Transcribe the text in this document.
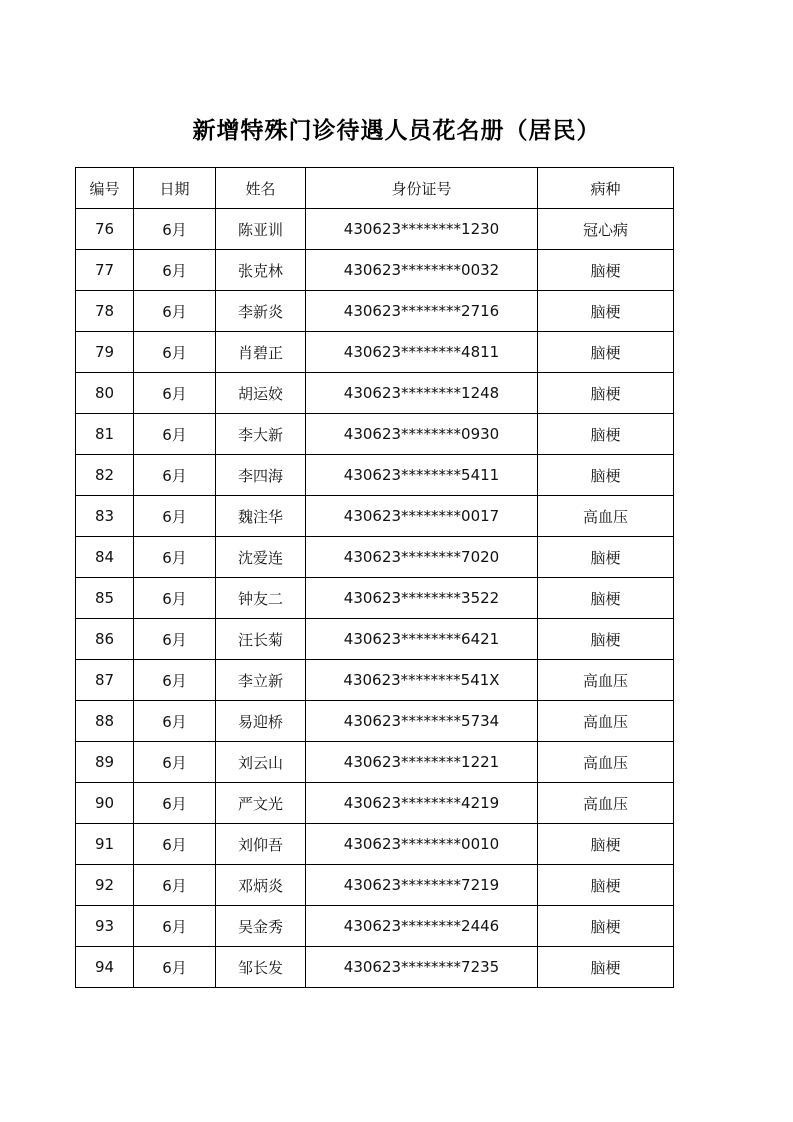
新增特殊门诊待遇人员花名册（居民）
编号	日期	姓名	身份证号	病种
76	6月	陈亚训	430623********1230	冠心病
77	6月	张克林	430623********0032	脑梗
78	6月	李新炎	430623********2716	脑梗
79	6月	肖碧正	430623********4811	脑梗
80	6月	胡运姣	430623********1248	脑梗
81	6月	李大新	430623********0930	脑梗
82	6月	李四海	430623********5411	脑梗
83	6月	魏注华	430623********0017	高血压
84	6月	沈爱连	430623********7020	脑梗
85	6月	钟友二	430623********3522	脑梗
86	6月	汪长菊	430623********6421	脑梗
87	6月	李立新	430623********541X	高血压
88	6月	易迎桥	430623********5734	高血压
89	6月	刘云山	430623********1221	高血压
90	6月	严文光	430623********4219	高血压
91	6月	刘仰吾	430623********0010	脑梗
92	6月	邓炳炎	430623********7219	脑梗
93	6月	吴金秀	430623********2446	脑梗
94	6月	邹长发	430623********7235	脑梗
